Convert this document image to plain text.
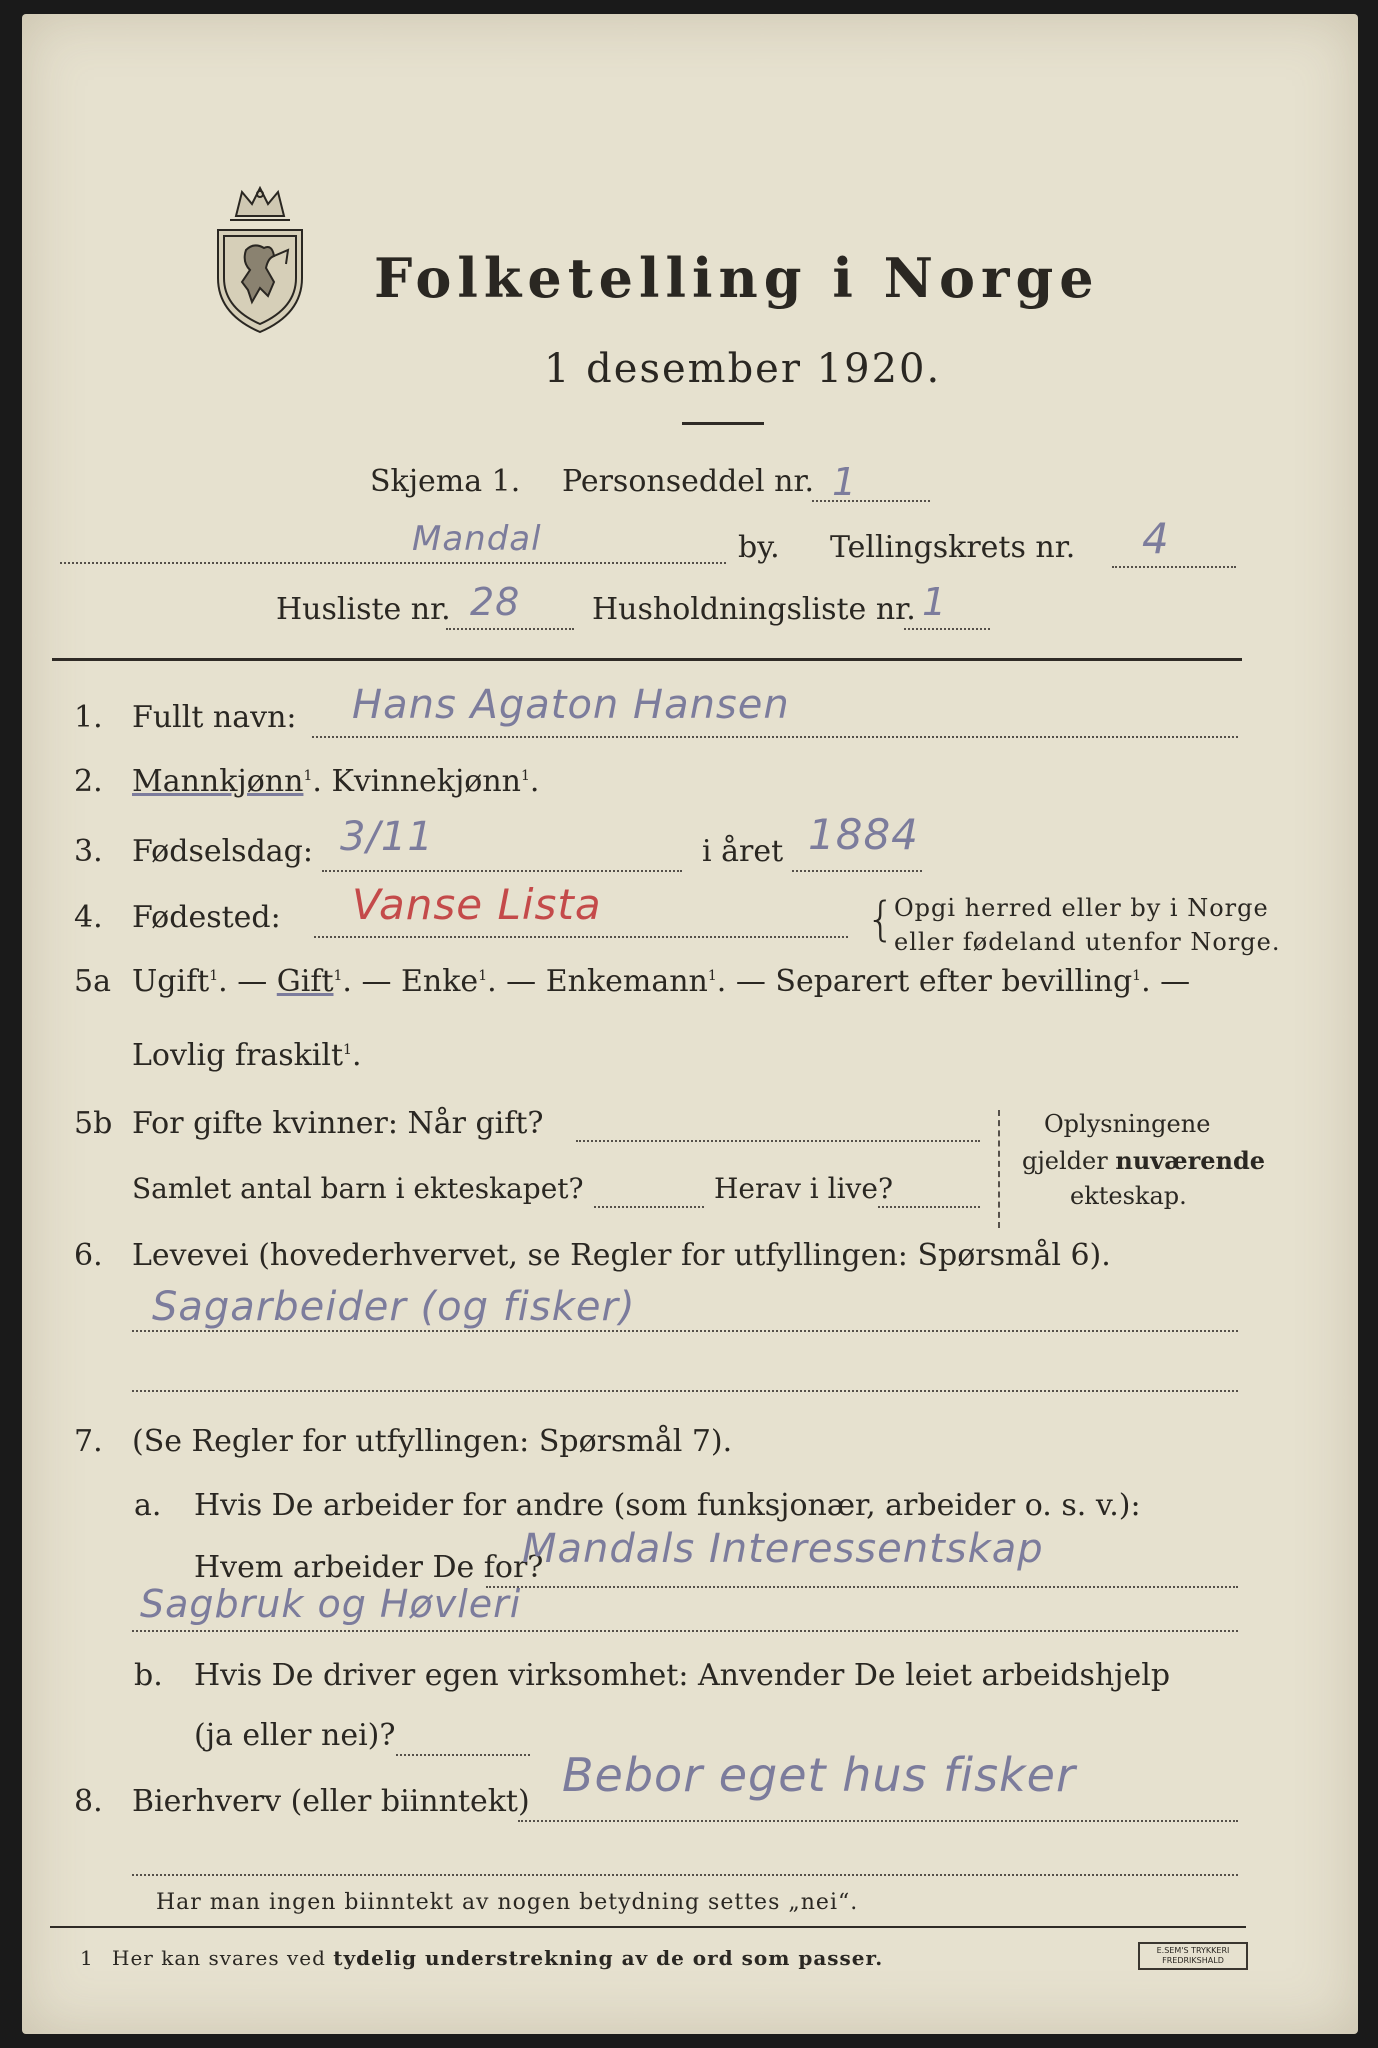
Folketelling i Norge
1 desember 1920.
Skjema 1. Personseddel nr. 1
Mandal	by. Tellingskrets nr. 4
Husliste nr. 28 Husholdningsliste nr. 1
1. Fullt navn: Hans Agaton Hansen
2. Mannkjønn$^1$. Kvinnekjønn$^1$.
3. Fødselsdag: 3/11	i året 1884
4. Fødested: Vanse Lista	{
Opgi herred eller by i Norge
eller fødeland utenfor Norge.
5a Ugift$^1$. — Gift$^1$. — Enke$^1$. — Enkemann$^1$. — Separert efter bevilling$^1$. —
Lovlig fraskilt$^1$.
5b For gifte kvinner: Når gift?
Samlet antal barn i ekteskapet?	Herav i live?
Oplysningene
gjelder nuværende
ekteskap.
6. Levevei (hovederhvervet, se Regler for utfyllingen: Spørsmål 6).
Sagarbeider (og fisker)
7. (Se Regler for utfyllingen: Spørsmål 7).
a. Hvis De arbeider for andre (som funksjonær, arbeider o. s. v.):
Hvem arbeider De for?
Mandals Interessentskap
Sagbruk og Høvleri
b. Hvis De driver egen virksomhet: Anvender De leiet arbeidshjelp
(ja eller nei)?
8. Bierhverv (eller biinntekt) Bebor eget hus fisker
Har man ingen biinntekt av nogen betydning settes „nei“.
1 Her kan svares ved tydelig understrekning av de ord som passer.	E.SEM'S TRYKKERI FREDRIKSHALD
